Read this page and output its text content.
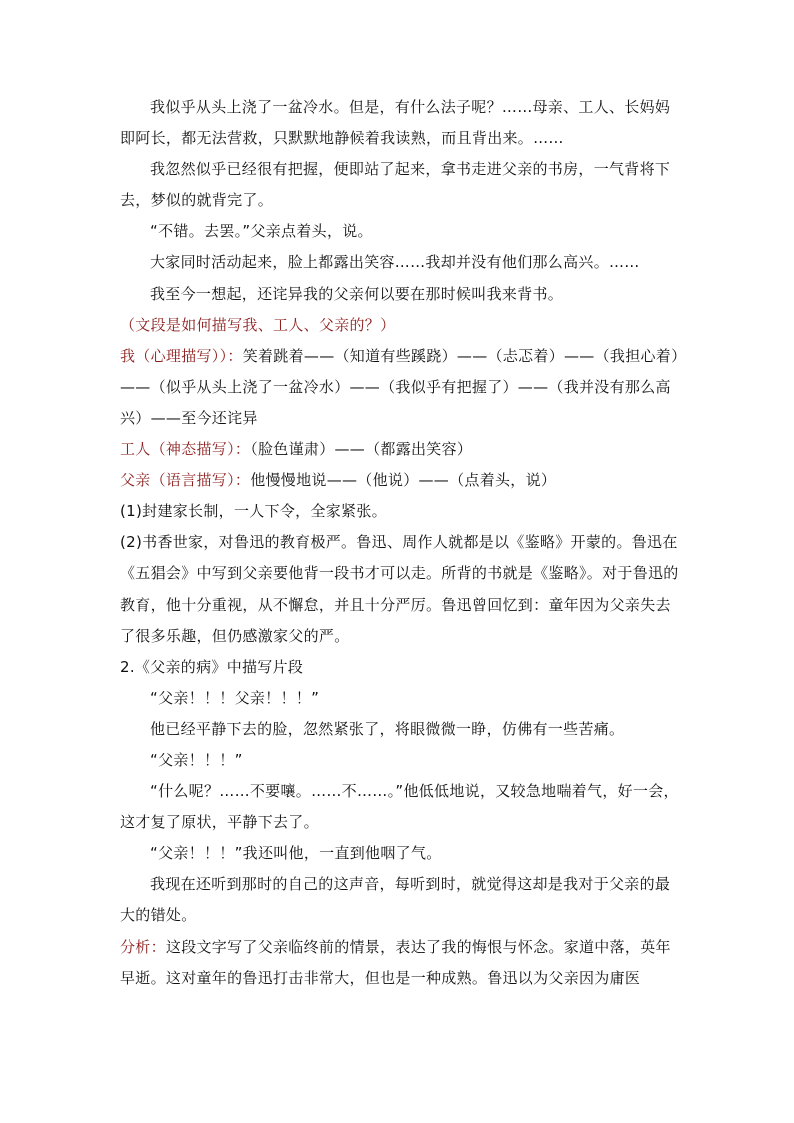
我似乎从头上浇了一盆冷水。但是，有什么法子呢？……母亲、工人、长妈妈即阿长，都无法营救，只默默地静候着我读熟，而且背出来。……

我忽然似乎已经很有把握，便即站了起来，拿书走进父亲的书房，一气背将下去，梦似的就背完了。

“不错。去罢。”父亲点着头，说。

大家同时活动起来，脸上都露出笑容……我却并没有他们那么高兴。……

我至今一想起，还诧异我的父亲何以要在那时候叫我来背书。

（文段是如何描写我、工人、父亲的？）

我（心理描写））：笑着跳着——（知道有些蹊跷）——（忐忑着）——（我担心着）——（似乎从头上浇了一盆冷水）——（我似乎有把握了）——（我并没有那么高兴）——至今还诧异

工人（神态描写）：（脸色谨肃）——（都露出笑容）

父亲（语言描写）：他慢慢地说——（他说）——（点着头，说）

(1)封建家长制，一人下令，全家紧张。

(2)书香世家，对鲁迅的教育极严。鲁迅、周作人就都是以《鉴略》开蒙的。鲁迅在《五猖会》中写到父亲要他背一段书才可以走。所背的书就是《鉴略》。对于鲁迅的教育，他十分重视，从不懈怠，并且十分严厉。鲁迅曾回忆到：童年因为父亲失去了很多乐趣，但仍感激家父的严。

2.《父亲的病》中描写片段

“父亲！！！父亲！！！”

他已经平静下去的脸，忽然紧张了，将眼微微一睁，仿佛有一些苦痛。

“父亲！！！”

“什么呢？……不要嚷。……不……。”他低低地说，又较急地喘着气，好一会，这才复了原状，平静下去了。

“父亲！！！”我还叫他，一直到他咽了气。

我现在还听到那时的自己的这声音，每听到时，就觉得这却是我对于父亲的最大的错处。

分析：这段文字写了父亲临终前的情景，表达了我的悔恨与怀念。家道中落，英年早逝。这对童年的鲁迅打击非常大，但也是一种成熟。鲁迅以为父亲因为庸医
